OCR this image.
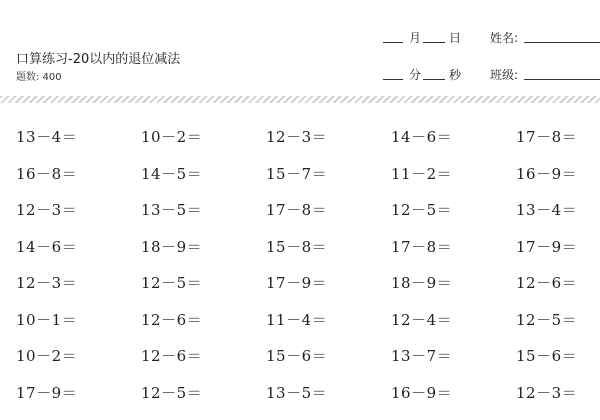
口算练习-20以内的退位减法
题数: 400
月 日 姓名:
分 秒 班级:
13－4＝	10－2＝	12－3＝	14－6＝	17－8＝
16－8＝	14－5＝	15－7＝	11－2＝	16－9＝
12－3＝	13－5＝	17－8＝	12－5＝	13－4＝
14－6＝	18－9＝	15－8＝	17－8＝	17－9＝
12－3＝	12－5＝	17－9＝	18－9＝	12－6＝
10－1＝	12－6＝	11－4＝	12－4＝	12－5＝
10－2＝	12－6＝	15－6＝	13－7＝	15－6＝
17－9＝	12－5＝	13－5＝	16－9＝	12－3＝
